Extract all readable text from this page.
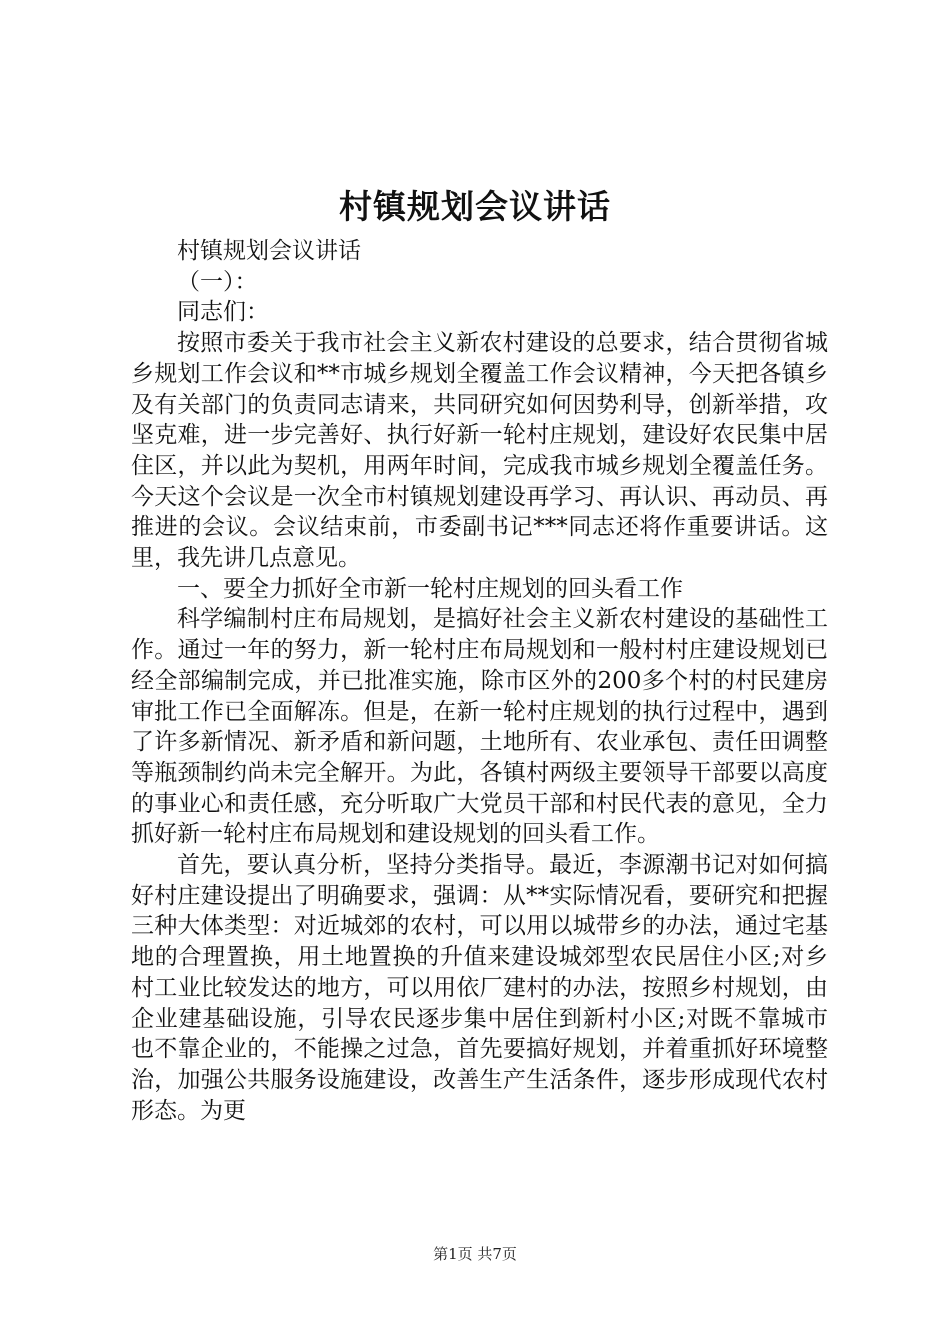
村镇规划会议讲话

村镇规划会议讲话

（一）：

同志们：

按照市委关于我市社会主义新农村建设的总要求，结合贯彻省城乡规划工作会议和**市城乡规划全覆盖工作会议精神，今天把各镇乡及有关部门的负责同志请来，共同研究如何因势利导，创新举措，攻坚克难，进一步完善好、执行好新一轮村庄规划，建设好农民集中居住区，并以此为契机，用两年时间，完成我市城乡规划全覆盖任务。今天这个会议是一次全市村镇规划建设再学习、再认识、再动员、再推进的会议。会议结束前，市委副书记***同志还将作重要讲话。这里，我先讲几点意见。

一、要全力抓好全市新一轮村庄规划的回头看工作

科学编制村庄布局规划，是搞好社会主义新农村建设的基础性工作。通过一年的努力，新一轮村庄布局规划和一般村村庄建设规划已经全部编制完成，并已批准实施，除市区外的200多个村的村民建房审批工作已全面解冻。但是，在新一轮村庄规划的执行过程中，遇到了许多新情况、新矛盾和新问题，土地所有、农业承包、责任田调整等瓶颈制约尚未完全解开。为此，各镇村两级主要领导干部要以高度的事业心和责任感，充分听取广大党员干部和村民代表的意见，全力抓好新一轮村庄布局规划和建设规划的回头看工作。

首先，要认真分析，坚持分类指导。最近，李源潮书记对如何搞好村庄建设提出了明确要求，强调：从**实际情况看，要研究和把握三种大体类型：对近城郊的农村，可以用以城带乡的办法，通过宅基地的合理置换，用土地置换的升值来建设城郊型农民居住小区;对乡村工业比较发达的地方，可以用依厂建村的办法，按照乡村规划，由企业建基础设施，引导农民逐步集中居住到新村小区;对既不靠城市也不靠企业的，不能操之过急，首先要搞好规划，并着重抓好环境整治，加强公共服务设施建设，改善生产生活条件，逐步形成现代农村形态。为更

第1页 共7页
